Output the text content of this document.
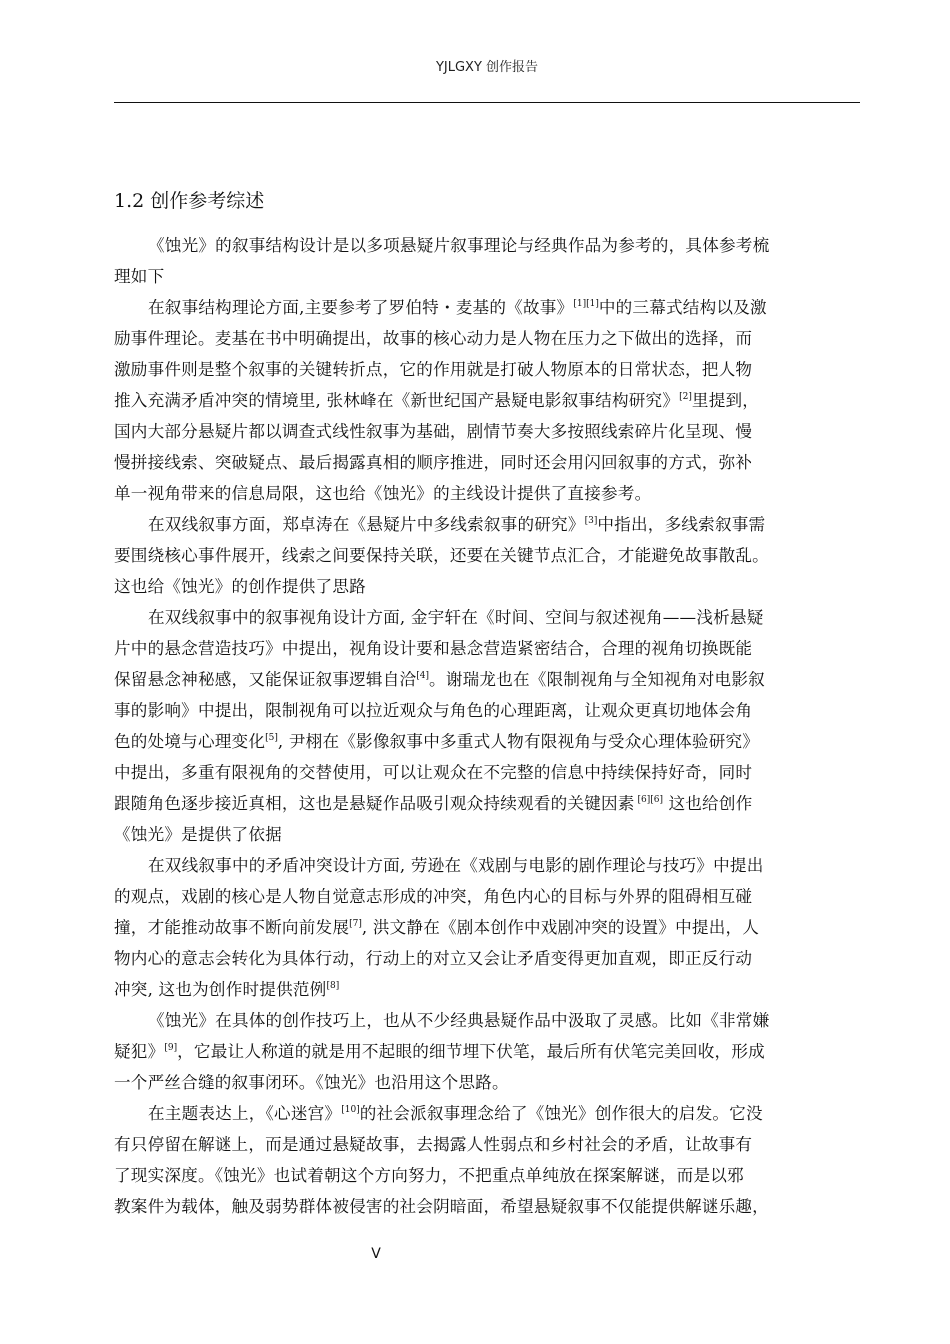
YJLGXY 创作报告
1.2 创作参考综述
《蚀光》的叙事结构设计是以多项悬疑片叙事理论与经典作品为参考的，具体参考梳
理如下
在叙事结构理论方面,主要参考了罗伯特・麦基的《故事》[1][1]中的三幕式结构以及激
励事件理论。麦基在书中明确提出，故事的核心动力是人物在压力之下做出的选择，而
激励事件则是整个叙事的关键转折点，它的作用就是打破人物原本的日常状态，把人物
推入充满矛盾冲突的情境里, 张林峰在《新世纪国产悬疑电影叙事结构研究》[2]里提到，
国内大部分悬疑片都以调查式线性叙事为基础，剧情节奏大多按照线索碎片化呈现、慢
慢拼接线索、突破疑点、最后揭露真相的顺序推进，同时还会用闪回叙事的方式，弥补
单一视角带来的信息局限，这也给《蚀光》的主线设计提供了直接参考。
在双线叙事方面，郑卓涛在《悬疑片中多线索叙事的研究》[3]中指出，多线索叙事需
要围绕核心事件展开，线索之间要保持关联，还要在关键节点汇合，才能避免故事散乱。
这也给《蚀光》的创作提供了思路
在双线叙事中的叙事视角设计方面, 金宇轩在《时间、空间与叙述视角——浅析悬疑
片中的悬念营造技巧》中提出，视角设计要和悬念营造紧密结合，合理的视角切换既能
保留悬念神秘感，又能保证叙事逻辑自洽[4]。谢瑞龙也在《限制视角与全知视角对电影叙
事的影响》中提出，限制视角可以拉近观众与角色的心理距离，让观众更真切地体会角
色的处境与心理变化[5], 尹栩在《影像叙事中多重式人物有限视角与受众心理体验研究》
中提出，多重有限视角的交替使用，可以让观众在不完整的信息中持续保持好奇，同时
跟随角色逐步接近真相，这也是悬疑作品吸引观众持续观看的关键因素 [6][6] 这也给创作
《蚀光》是提供了依据
在双线叙事中的矛盾冲突设计方面, 劳逊在《戏剧与电影的剧作理论与技巧》中提出
的观点，戏剧的核心是人物自觉意志形成的冲突，角色内心的目标与外界的阻碍相互碰
撞，才能推动故事不断向前发展[7], 洪文静在《剧本创作中戏剧冲突的设置》中提出，人
物内心的意志会转化为具体行动，行动上的对立又会让矛盾变得更加直观，即正反行动
冲突, 这也为创作时提供范例[8]
《蚀光》在具体的创作技巧上，也从不少经典悬疑作品中汲取了灵感。比如《非常嫌
疑犯》[9]，它最让人称道的就是用不起眼的细节埋下伏笔，最后所有伏笔完美回收，形成
一个严丝合缝的叙事闭环。《蚀光》也沿用这个思路。
在主题表达上，《心迷宫》[10]的社会派叙事理念给了《蚀光》创作很大的启发。它没
有只停留在解谜上，而是通过悬疑故事，去揭露人性弱点和乡村社会的矛盾，让故事有
了现实深度。《蚀光》也试着朝这个方向努力，不把重点单纯放在探案解谜，而是以邪
教案件为载体，触及弱势群体被侵害的社会阴暗面，希望悬疑叙事不仅能提供解谜乐趣，
V
